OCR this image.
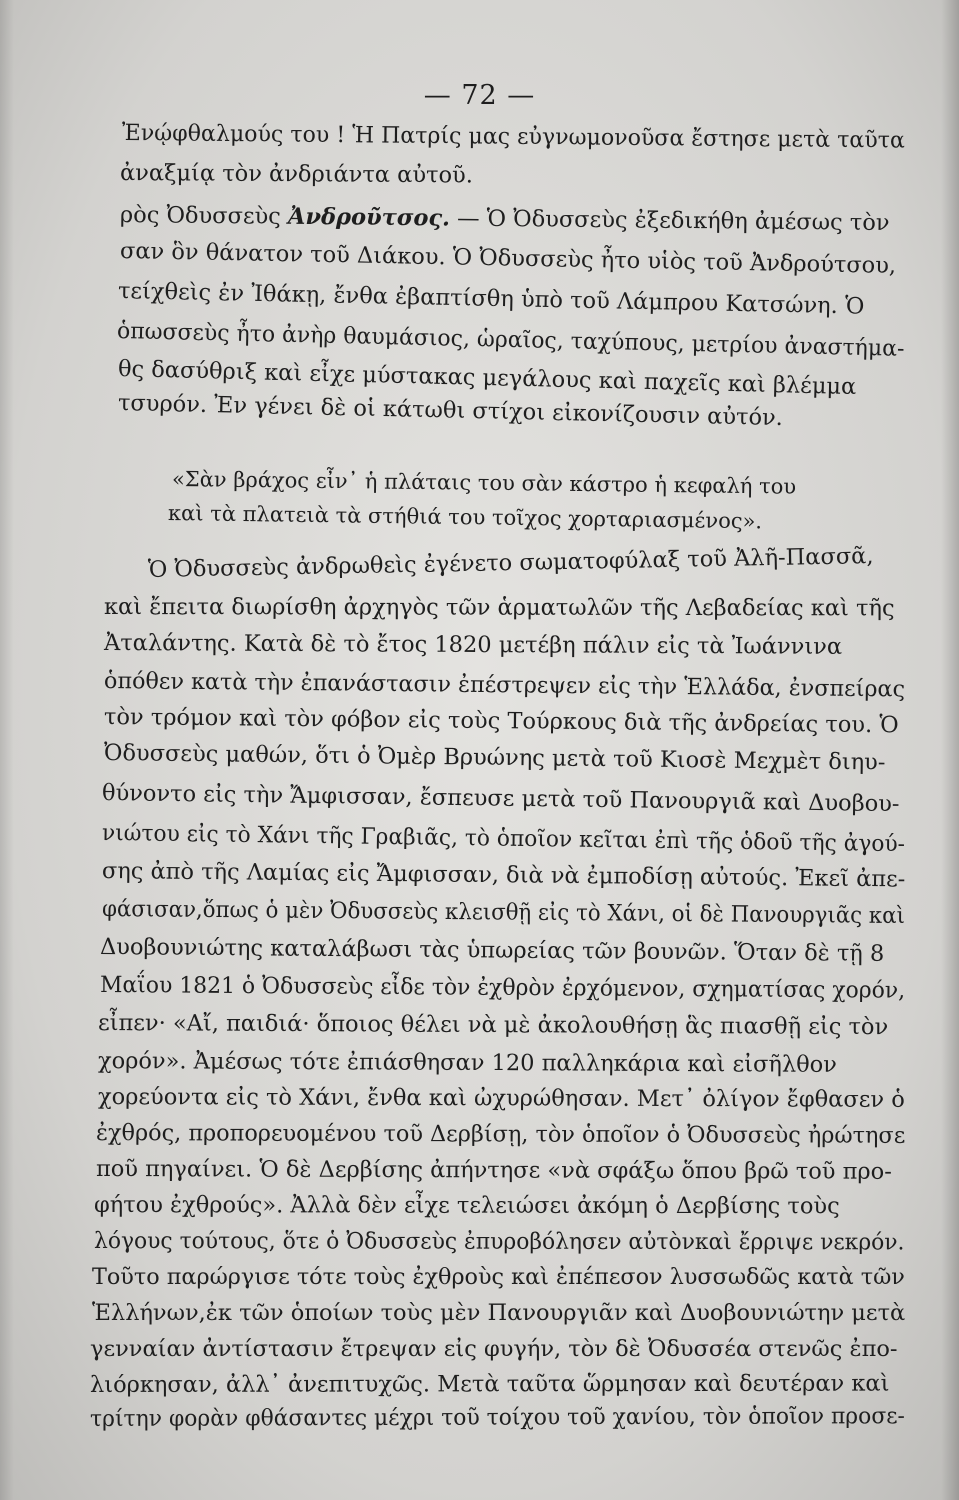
— 72 —
Ἐνῴφθαλμούς του ! Ἡ Πατρίς μας εὐγνωμονοῦσα ἔστησε μετὰ ταῦτα
ἀναξμίᾳ τὸν ἀνδριάντα αὐτοῦ.
ρὸς Ὀδυσσεὺς Ἀνδροῦτσος. — Ὁ Ὀδυσσεὺς ἐξεδικήθη ἀμέσως τὸν
σαν ὃν θάνατον τοῦ Διάκου. Ὁ Ὀδυσσεὺς ἦτο υἱὸς τοῦ Ἀνδρούτσου,
τείχθεὶς ἐν Ἰθάκῃ, ἔνθα ἐβαπτίσθη ὑπὸ τοῦ Λάμπρου Κατσώνη. Ὁ
ὁπωσσεὺς ἦτο ἀνὴρ θαυμάσιος, ὡραῖος, ταχύπους, μετρίου ἀναστήμα-
θς δασύθριξ καὶ εἶχε μύστακας μεγάλους καὶ παχεῖς καὶ βλέμμα
τσυρόν. Ἐν γένει δὲ οἱ κάτωθι στίχοι εἰκονίζουσιν αὐτόν.
«Σὰν βράχος εἶν᾽ ἡ πλάταις του σὰν κάστρο ἡ κεφαλή του
καὶ τὰ πλατειὰ τὰ στήθιά του τοῖχος χορταριασμένος».
Ὁ Ὀδυσσεὺς ἀνδρωθεὶς ἐγένετο σωματοφύλαξ τοῦ Ἀλῆ-Πασσᾶ,
καὶ ἔπειτα διωρίσθη ἀρχηγὸς τῶν ἁρματωλῶν τῆς Λεβαδείας καὶ τῆς
Ἀταλάντης. Κατὰ δὲ τὸ ἔτος 1820 μετέβη πάλιν εἰς τὰ Ἰωάννινα
ὁπόθεν κατὰ τὴν ἐπανάστασιν ἐπέστρεψεν εἰς τὴν Ἑλλάδα, ἐνσπείρας
τὸν τρόμον καὶ τὸν φόβον εἰς τοὺς Τούρκους διὰ τῆς ἀνδρείας του. Ὁ
Ὀδυσσεὺς μαθών, ὅτι ὁ Ὀμὲρ Βρυώνης μετὰ τοῦ Κιοσὲ Μεχμὲτ διηυ-
θύνοντο εἰς τὴν Ἄμφισσαν, ἔσπευσε μετὰ τοῦ Πανουργιᾶ καὶ Δυοβου-
νιώτου εἰς τὸ Χάνι τῆς Γραβιᾶς, τὸ ὁποῖον κεῖται ἐπὶ τῆς ὁδοῦ τῆς ἀγού-
σης ἀπὸ τῆς Λαμίας εἰς Ἄμφισσαν, διὰ νὰ ἐμποδίσῃ αὐτούς. Ἐκεῖ ἀπε-
φάσισαν,ὅπως ὁ μὲν Ὀδυσσεὺς κλεισθῇ εἰς τὸ Χάνι, οἱ δὲ Πανουργιᾶς καὶ
Δυοβουνιώτης καταλάβωσι τὰς ὑπωρείας τῶν βουνῶν. Ὅταν δὲ τῇ 8
Μαΐου 1821 ὁ Ὀδυσσεὺς εἶδε τὸν ἐχθρὸν ἐρχόμενον, σχηματίσας χορόν,
εἶπεν· «Αἴ, παιδιά· ὅποιος θέλει νὰ μὲ ἀκολουθήσῃ ἃς πιασθῇ εἰς τὸν
χορόν». Ἀμέσως τότε ἐπιάσθησαν 120 παλληκάρια καὶ εἰσῆλθον
χορεύοντα εἰς τὸ Χάνι, ἔνθα καὶ ὠχυρώθησαν. Μετ᾽ ὀλίγον ἔφθασεν ὁ
ἐχθρός, προπορευομένου τοῦ Δερβίσῃ, τὸν ὁποῖον ὁ Ὀδυσσεὺς ἠρώτησε
ποῦ πηγαίνει. Ὁ δὲ Δερβίσης ἀπήντησε «νὰ σφάξω ὅπου βρῶ τοῦ προ-
φήτου ἐχθρούς». Ἀλλὰ δὲν εἶχε τελειώσει ἀκόμη ὁ Δερβίσης τοὺς
λόγους τούτους, ὅτε ὁ Ὀδυσσεὺς ἐπυροβόλησεν αὐτὸνκαὶ ἔρριψε νεκρόν.
Τοῦτο παρώργισε τότε τοὺς ἐχθροὺς καὶ ἐπέπεσον λυσσωδῶς κατὰ τῶν
Ἑλλήνων,ἐκ τῶν ὁποίων τοὺς μὲν Πανουργιᾶν καὶ Δυοβουνιώτην μετὰ
γενναίαν ἀντίστασιν ἔτρεψαν εἰς φυγήν, τὸν δὲ Ὀδυσσέα στενῶς ἐπο-
λιόρκησαν, ἀλλ᾽ ἀνεπιτυχῶς. Μετὰ ταῦτα ὥρμησαν καὶ δευτέραν καὶ
τρίτην φορὰν φθάσαντες μέχρι τοῦ τοίχου τοῦ χανίου, τὸν ὁποῖον προσε-
